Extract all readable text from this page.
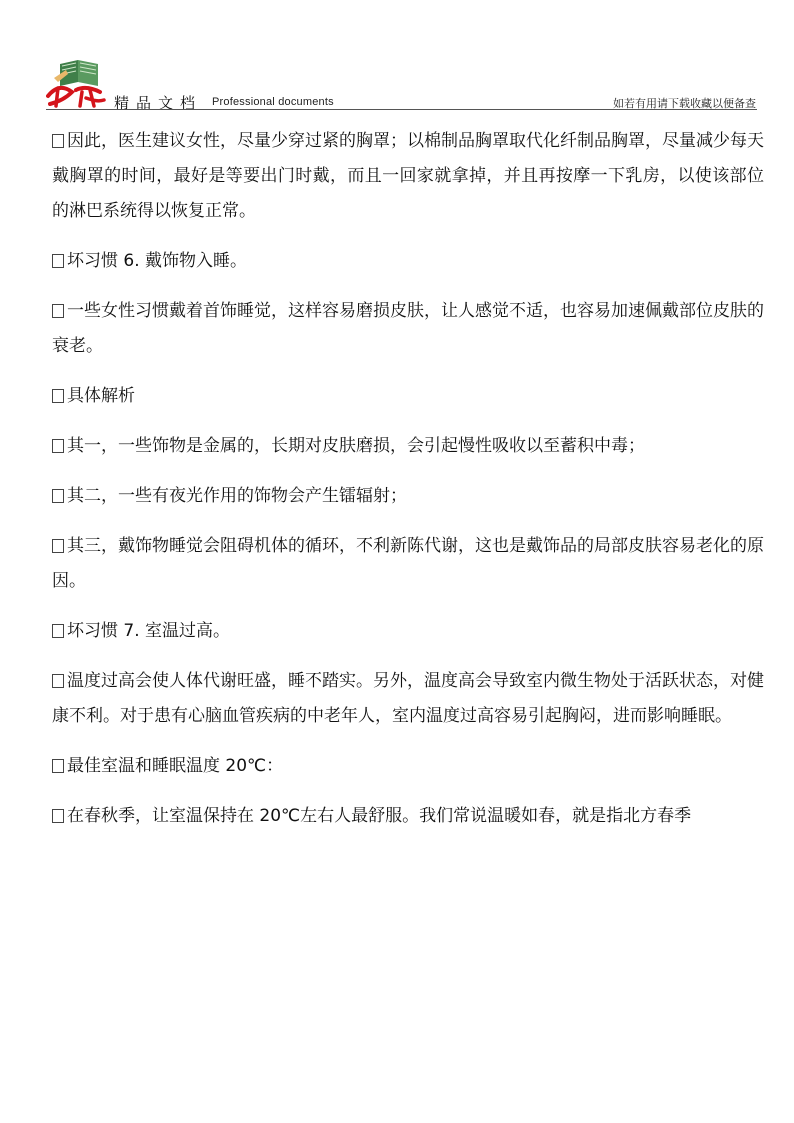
精品文档 Professional documents	如若有用请下载收藏以便备查

因此，医生建议女性，尽量少穿过紧的胸罩；以棉制品胸罩取代化纤制品胸罩，尽量减少每天戴胸罩的时间，最好是等要出门时戴，而且一回家就拿掉，并且再按摩一下乳房，以使该部位的淋巴系统得以恢复正常。

坏习惯 6. 戴饰物入睡。

一些女性习惯戴着首饰睡觉，这样容易磨损皮肤，让人感觉不适，也容易加速佩戴部位皮肤的衰老。

具体解析

其一，一些饰物是金属的，长期对皮肤磨损，会引起慢性吸收以至蓄积中毒；

其二，一些有夜光作用的饰物会产生镭辐射；

其三，戴饰物睡觉会阻碍机体的循环，不利新陈代谢，这也是戴饰品的局部皮肤容易老化的原因。

坏习惯 7. 室温过高。

温度过高会使人体代谢旺盛，睡不踏实。另外，温度高会导致室内微生物处于活跃状态，对健康不利。对于患有心脑血管疾病的中老年人，室内温度过高容易引起胸闷，进而影响睡眠。

最佳室温和睡眠温度 20℃：

在春秋季，让室温保持在 20℃左右人最舒服。我们常说温暖如春，就是指北方春季
